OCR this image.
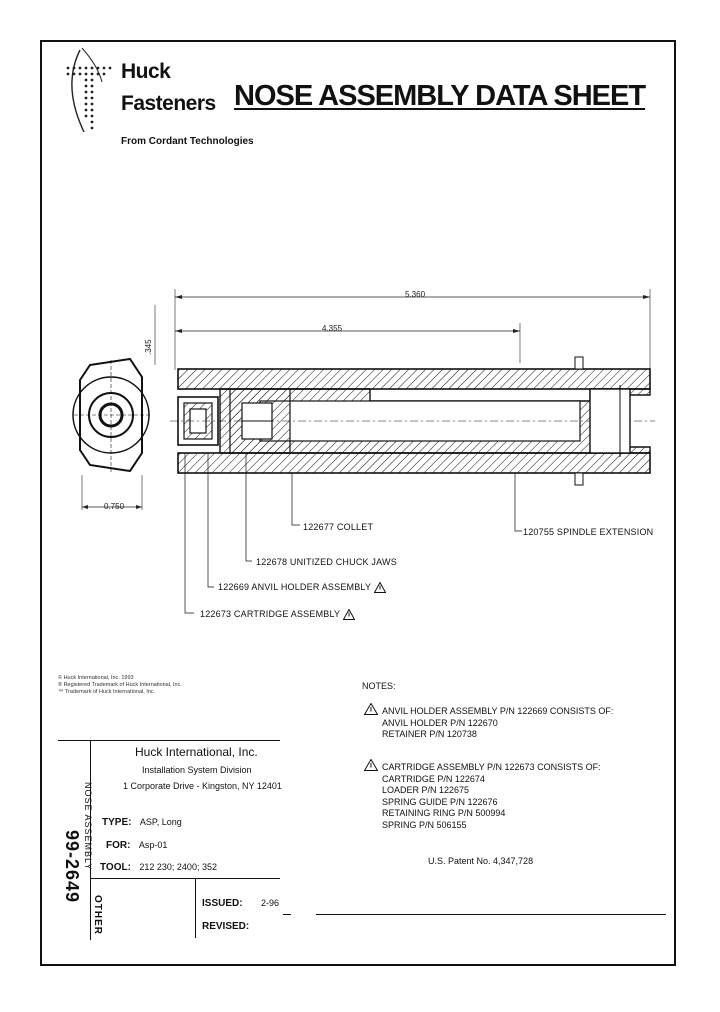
Huck
Fasteners
From Cordant Technologies
NOSE ASSEMBLY DATA SHEET
5.360
4.355
.345
0.750
122677 COLLET
122678 UNITIZED CHUCK JAWS
122669 ANVIL HOLDER ASSEMBLY
122673 CARTRIDGE ASSEMBLY
120755 SPINDLE EXTENSION
© Huck International, Inc. 1993
® Registered Trademark of Huck International, Inc.
™ Trademark of Huck International, Inc.
NOTES:
ANVIL HOLDER ASSEMBLY P/N 122669 CONSISTS OF:
ANVIL HOLDER P/N 122670
RETAINER P/N 120738
CARTRIDGE ASSEMBLY P/N 122673 CONSISTS OF:
CARTRIDGE P/N 122674
LOADER P/N 122675
SPRING GUIDE P/N 122676
RETAINING RING P/N 500994
SPRING P/N 506155
U.S. Patent No. 4,347,728
99-2649 NOSE ASSEMBLY
OTHER
Huck International, Inc.
Installation System Division
1 Corporate Drive - Kingston, NY 12401
TYPE: ASP, Long
FOR: Asp-01
TOOL: 212 230; 2400; 352
ISSUED: 2-96
REVISED:
